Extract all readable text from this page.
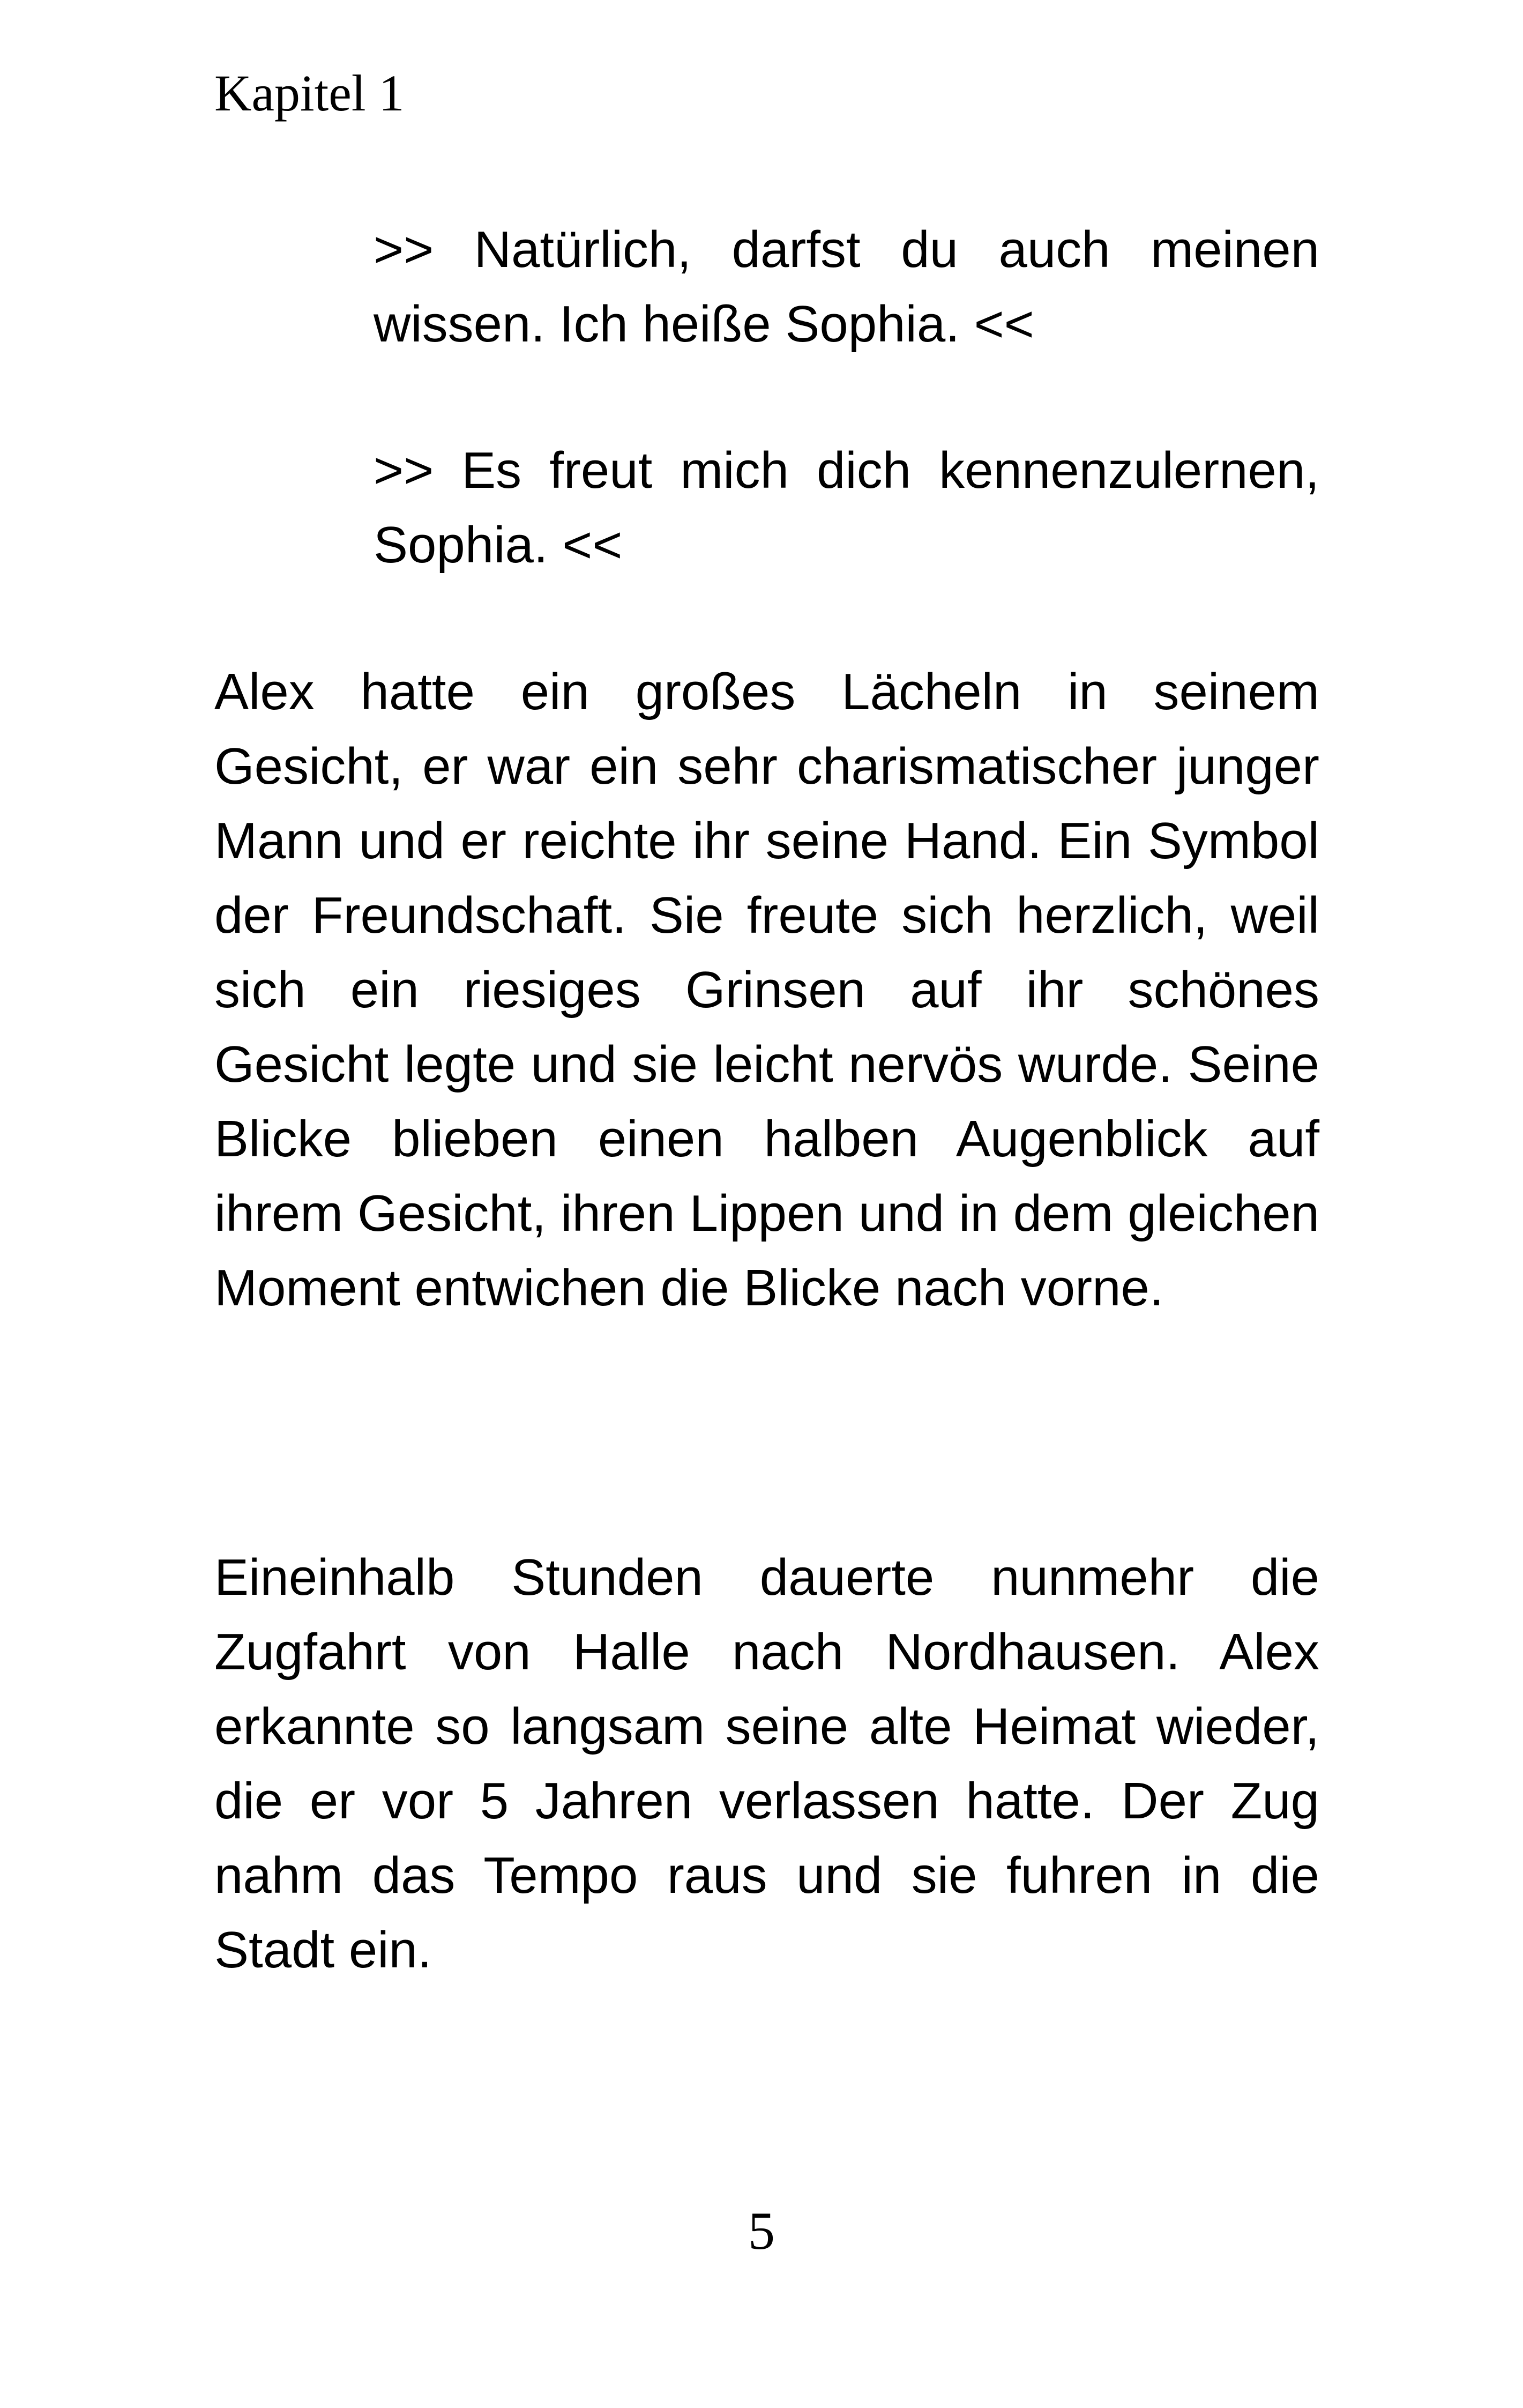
Kapitel 1

>> Natürlich, darfst du auch meinen wissen. Ich heiße Sophia. <<

>> Es freut mich dich kennenzulernen, Sophia. <<

Alex hatte ein großes Lächeln in seinem Gesicht, er war ein sehr charismatischer junger Mann und er reichte ihr seine Hand. Ein Symbol der Freundschaft. Sie freute sich herzlich, weil sich ein riesiges Grinsen auf ihr schönes Gesicht legte und sie leicht nervös wurde. Seine Blicke blieben einen halben Augenblick auf ihrem Gesicht, ihren Lippen und in dem gleichen Moment entwichen die Blicke nach vorne.

Eineinhalb Stunden dauerte nunmehr die Zugfahrt von Halle nach Nordhausen. Alex erkannte so langsam seine alte Heimat wieder, die er vor 5 Jahren verlassen hatte. Der Zug nahm das Tempo raus und sie fuhren in die Stadt ein.

5
